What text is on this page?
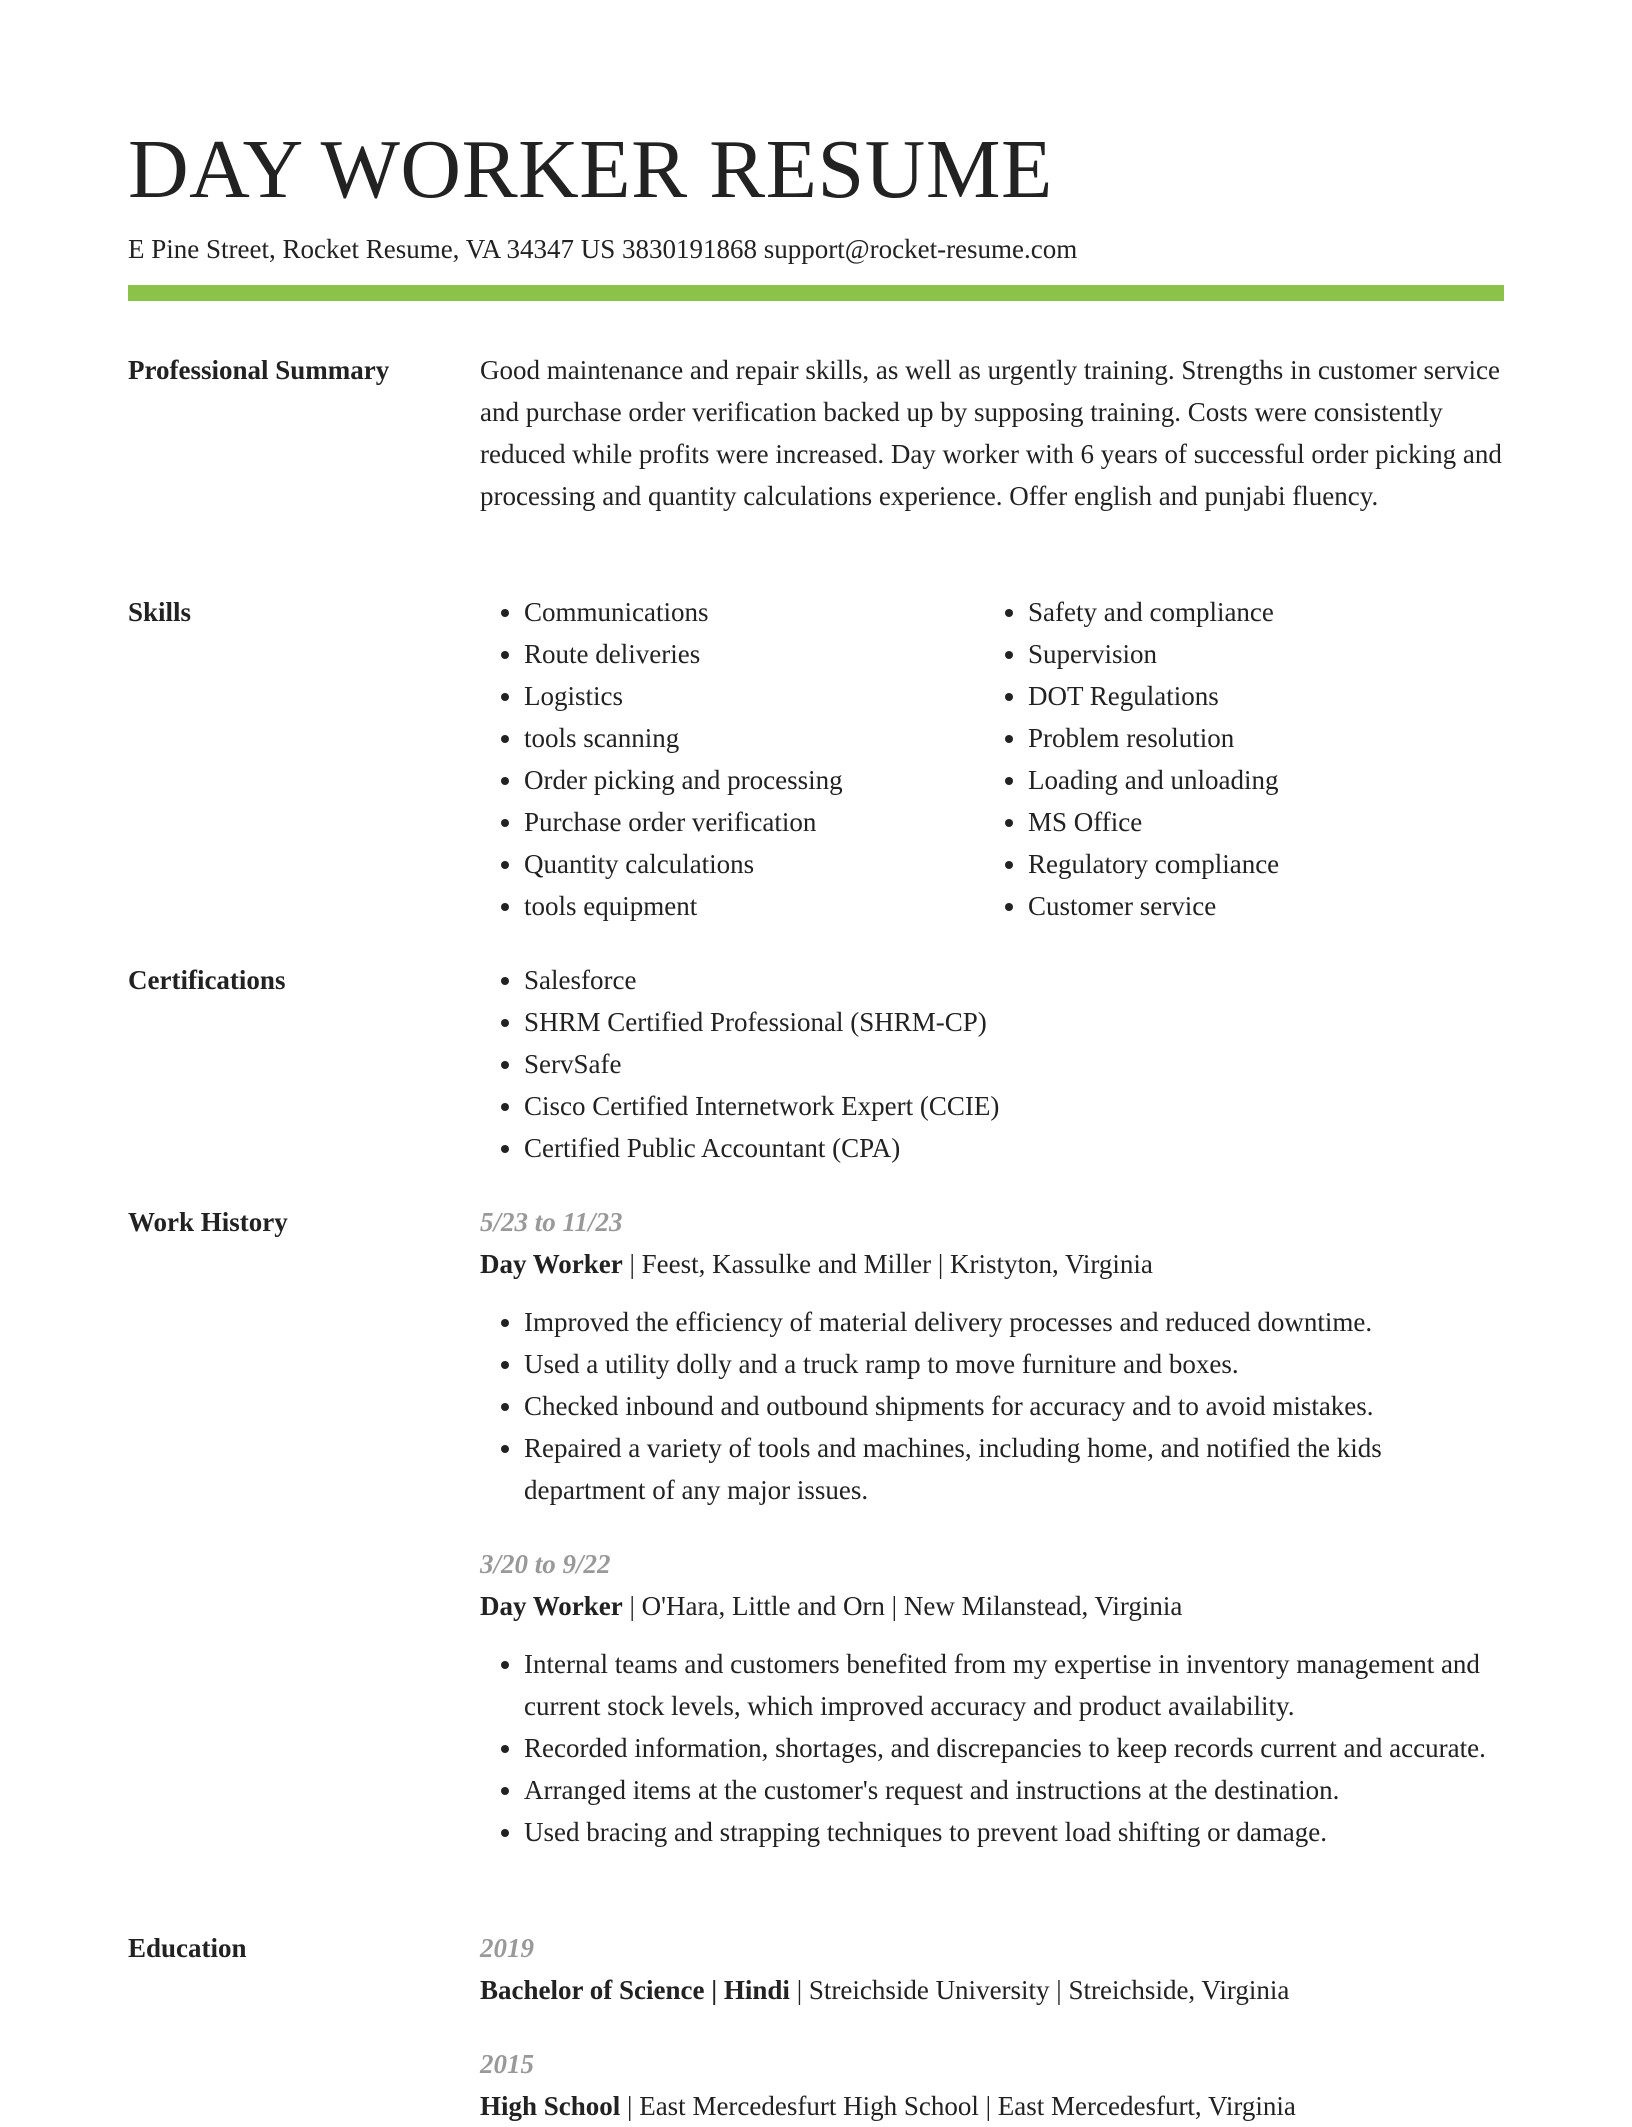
DAY WORKER RESUME
E Pine Street, Rocket Resume, VA 34347 US 3830191868 support@rocket-resume.com
Professional Summary	Good maintenance and repair skills, as well as urgently training. Strengths in customer service and purchase order verification backed up by supposing training. Costs were consistently reduced while profits were increased. Day worker with 6 years of successful order picking and processing and quantity calculations experience. Offer english and punjabi fluency.

Skills	• Communications
• Route deliveries
• Logistics
• tools scanning
• Order picking and processing
• Purchase order verification
• Quantity calculations
• tools equipment
• Safety and compliance
• Supervision
• DOT Regulations
• Problem resolution
• Loading and unloading
• MS Office
• Regulatory compliance
• Customer service
Certifications	• Salesforce
• SHRM Certified Professional (SHRM-CP)
• ServSafe
• Cisco Certified Internetwork Expert (CCIE)
• Certified Public Accountant (CPA)
Work History	5/23 to 11/23
Day Worker | Feest, Kassulke and Miller | Kristyton, Virginia
• Improved the efficiency of material delivery processes and reduced downtime.
• Used a utility dolly and a truck ramp to move furniture and boxes.
• Checked inbound and outbound shipments for accuracy and to avoid mistakes.
• Repaired a variety of tools and machines, including home, and notified the kids department of any major issues.
3/20 to 9/22
Day Worker | O'Hara, Little and Orn | New Milanstead, Virginia
• Internal teams and customers benefited from my expertise in inventory management and current stock levels, which improved accuracy and product availability.
• Recorded information, shortages, and discrepancies to keep records current and accurate.
• Arranged items at the customer's request and instructions at the destination.
• Used bracing and strapping techniques to prevent load shifting or damage.
Education	2019
Bachelor of Science | Hindi | Streichside University | Streichside, Virginia
2015
High School | East Mercedesfurt High School | East Mercedesfurt, Virginia
